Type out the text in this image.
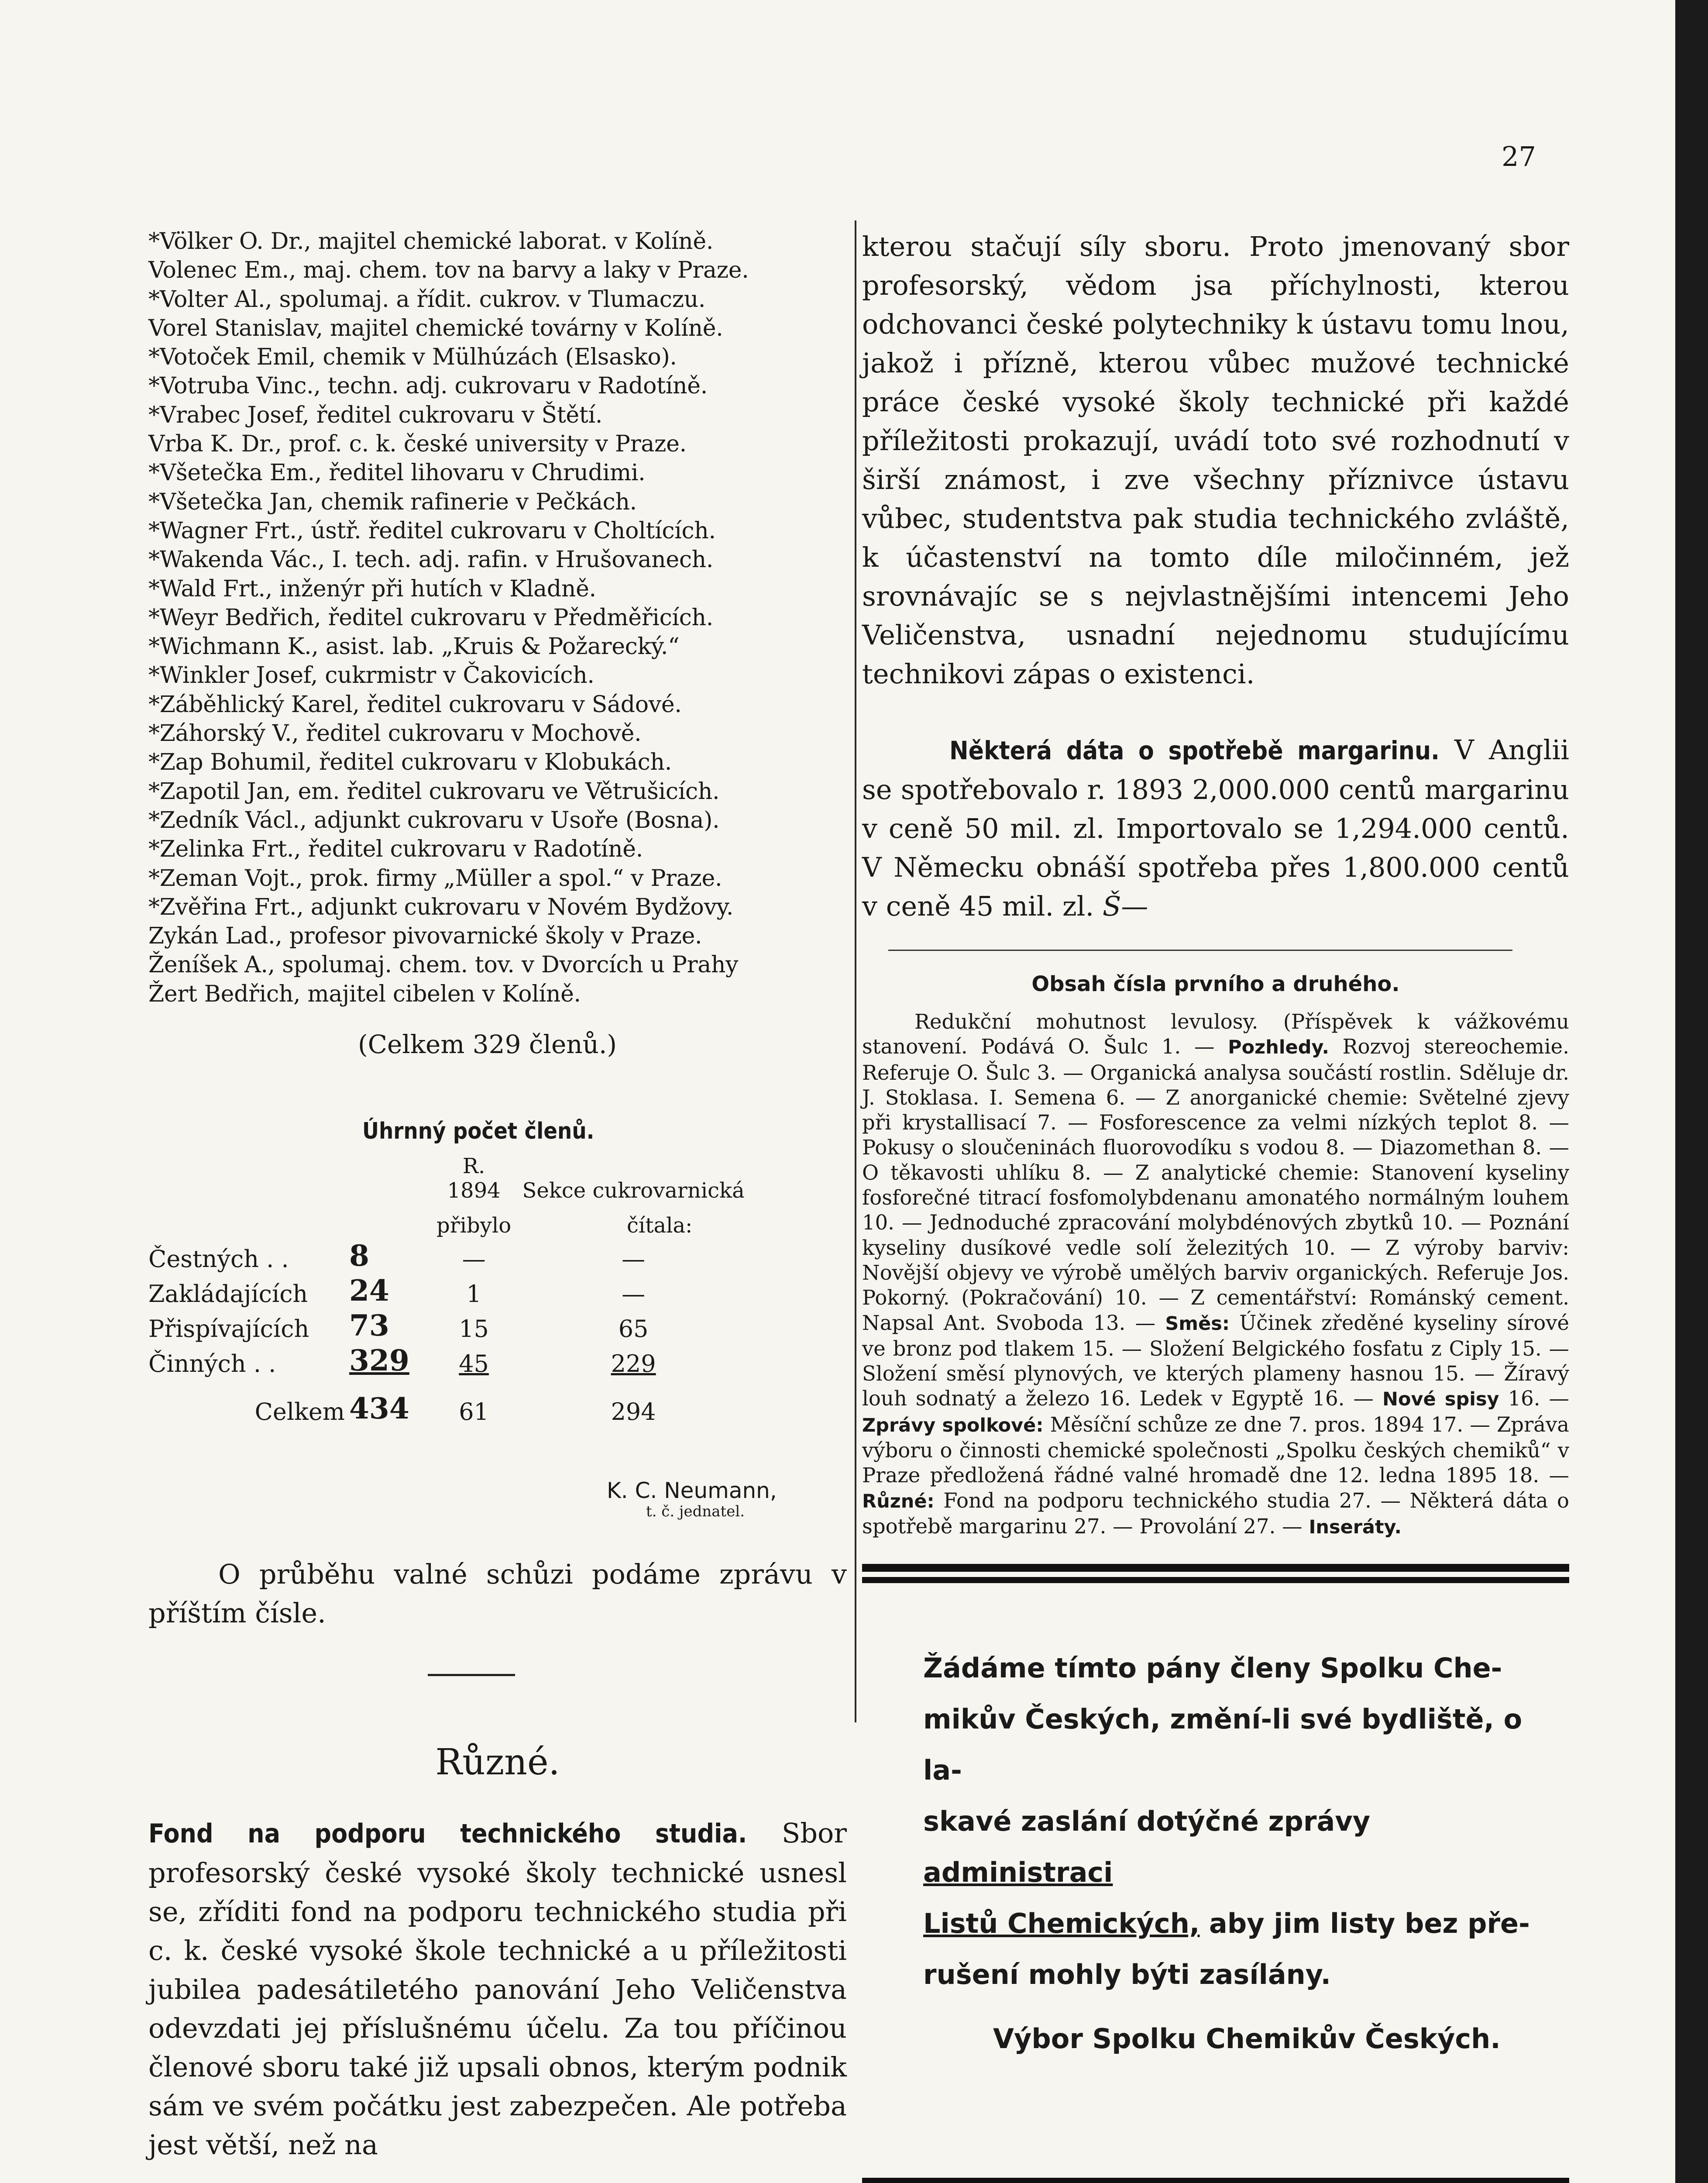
27
*Völker O. Dr., majitel chemické laborat. v Kolíně.
Volenec Em., maj. chem. tov na barvy a laky v Praze.
*Volter Al., spolumaj. a řídit. cukrov. v Tlumaczu.
Vorel Stanislav, majitel chemické továrny v Kolíně.
*Votoček Emil, chemik v Mülhúzách (Elsasko).
*Votruba Vinc., techn. adj. cukrovaru v Radotíně.
*Vrabec Josef, ředitel cukrovaru v Štětí.
Vrba K. Dr., prof. c. k. české university v Praze.
*Všetečka Em., ředitel lihovaru v Chrudimi.
*Všetečka Jan, chemik rafinerie v Pečkách.
*Wagner Frt., ústř. ředitel cukrovaru v Choltících.
*Wakenda Vác., I. tech. adj. rafin. v Hrušovanech.
*Wald Frt., inženýr při hutích v Kladně.
*Weyr Bedřich, ředitel cukrovaru v Předměřicích.
*Wichmann K., asist. lab. „Kruis & Požarecký.“
*Winkler Josef, cukrmistr v Čakovicích.
*Záběhlický Karel, ředitel cukrovaru v Sádové.
*Záhorský V., ředitel cukrovaru v Mochově.
*Zap Bohumil, ředitel cukrovaru v Klobukách.
*Zapotil Jan, em. ředitel cukrovaru ve Větrušicích.
*Zedník Václ., adjunkt cukrovaru v Usoře (Bosna).
*Zelinka Frt., ředitel cukrovaru v Radotíně.
*Zeman Vojt., prok. firmy „Müller a spol.“ v Praze.
*Zvěřina Frt., adjunkt cukrovaru v Novém Bydžovy.
Zykán Lad., profesor pivovarnické školy v Praze.
Ženíšek A., spolumaj. chem. tov. v Dvorcích u Prahy
Žert Bedřich, majitel cibelen v Kolíně.
(Celkem 329 členů.)
Úhrnný počet členů.
		R. 1894	Sekce cukrovarnická
		přibylo	čítala:
Čestných . .	8	—	—
Zakládajících	24	1	—
Přispívajících	73	15	65
Činných . .	329	45	229
Celkem	434	61	294
K. C. Neumann,
t. č. jednatel.
O průběhu valné schůzi podáme zprávu v příštím čísle.
Různé.
Fond na podporu technického studia. Sbor profesorský české vysoké školy technické usnesl se, zříditi fond na podporu technického studia při c. k. české vysoké škole technické a u příležitosti jubilea padesátiletého panování Jeho Veličenstva odevzdati jej příslušnému účelu. Za tou příčinou členové sboru také již upsali obnos, kterým podnik sám ve svém počátku jest zabezpečen. Ale potřeba jest větší, než na
kterou stačují síly sboru. Proto jmenovaný sbor profesorský, vědom jsa příchylnosti, kterou odchovanci české polytechniky k ústavu tomu lnou, jakož i přízně, kterou vůbec mužové technické práce české vysoké školy technické při každé příležitosti prokazují, uvádí toto své rozhodnutí v širší známost, i zve všechny příznivce ústavu vůbec, studentstva pak studia technického zvláště, k účastenství na tomto díle miločinném, jež srovnávajíc se s nejvlastnějšími intencemi Jeho Veličenstva, usnadní nejednomu studujícímu technikovi zápas o existenci.
Některá dáta o spotřebě margarinu. V Anglii se spotřebovalo r. 1893 2,000.000 centů margarinu v ceně 50 mil. zl. Importovalo se 1,294.000 centů. V Německu obnáší spotřeba přes 1,800.000 centů v ceně 45 mil. zl. Š—
Obsah čísla prvního a druhého.
Redukční mohutnost levulosy. (Příspěvek k vážkovému stanovení. Podává O. Šulc 1. — Pozhledy. Rozvoj stereochemie. Referuje O. Šulc 3. — Organická analysa součástí rostlin. Sděluje dr. J. Stoklasa. I. Semena 6. — Z anorganické chemie: Světelné zjevy při krystallisací 7. — Fosforescence za velmi nízkých teplot 8. — Pokusy o sloučeninách fluorovodíku s vodou 8. — Diazomethan 8. — O těkavosti uhlíku 8. — Z analytické chemie: Stanovení kyseliny fosforečné titrací fosfomolybdenanu amonatého normálným louhem 10. — Jednoduché zpracování molybdénových zbytků 10. — Poznání kyseliny dusíkové vedle solí železitých 10. — Z výroby barviv: Novější objevy ve výrobě umělých barviv organických. Referuje Jos. Pokorný. (Pokračování) 10. — Z cementářství: Románský cement. Napsal Ant. Svoboda 13. — Směs: Účinek zředěné kyseliny sírové ve bronz pod tlakem 15. — Složení Belgického fosfatu z Ciply 15. — Složení směsí plynových, ve kterých plameny hasnou 15. — Žíravý louh sodnatý a železo 16. Ledek v Egyptě 16. — Nové spisy 16. — Zprávy spolkové: Měsíční schůze ze dne 7. pros. 1894 17. — Zpráva výboru o činnosti chemické společnosti „Spolku českých chemiků“ v Praze předložená řádné valné hromadě dne 12. ledna 1895 18. — Různé: Fond na podporu technického studia 27. — Některá dáta o spotřebě margarinu 27. — Provolání 27. — Inseráty.
Žádáme tímto pány členy Spolku Che-
mikův Českých, změní-li své bydliště, o la-
skavé zaslání dotýčné zprávy administraci
Listů Chemických, aby jim listy bez pře-
rušení mohly býti zasílány.
Výbor Spolku Chemikův Českých.
